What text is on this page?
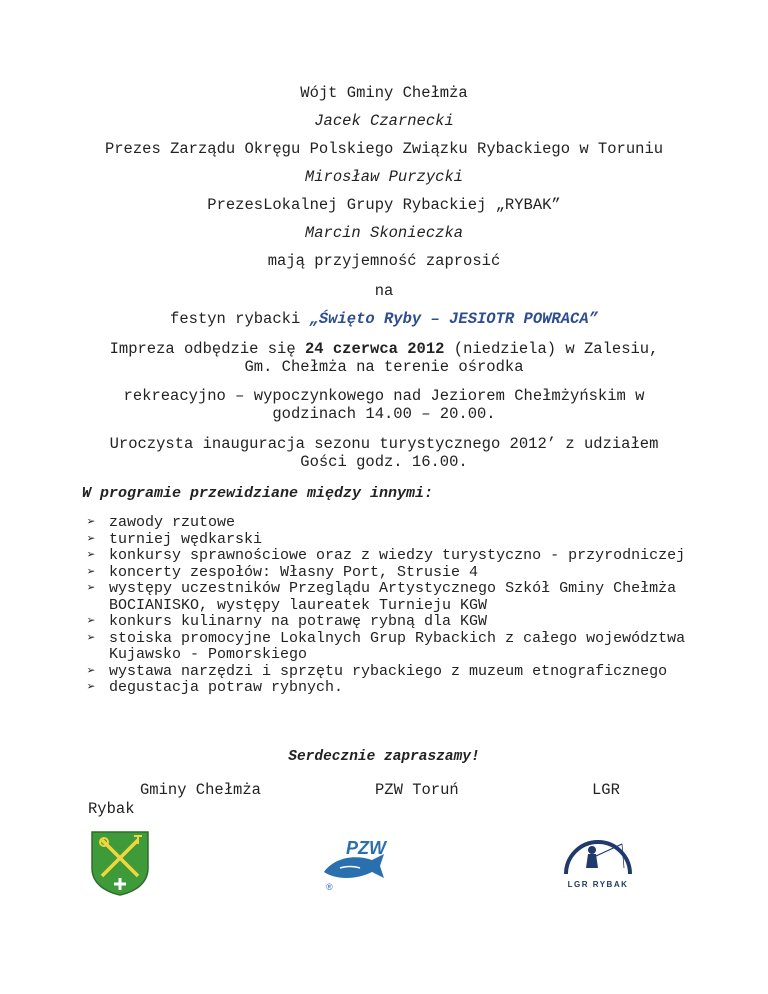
Wójt Gminy Chełmża
Jacek Czarnecki
Prezes Zarządu Okręgu Polskiego Związku Rybackiego w Toruniu
Mirosław Purzycki
PrezesLokalnej Grupy Rybackiej „RYBAK”
Marcin Skonieczka
mają przyjemność zaprosić
na
festyn rybacki „Święto Ryby – JESIOTR POWRACA”
Impreza odbędzie się 24 czerwca 2012 (niedziela) w Zalesiu,
Gm. Chełmża na terenie ośrodka
rekreacyjno – wypoczynkowego nad Jeziorem Chełmżyńskim w
godzinach 14.00 – 20.00.
Uroczysta inauguracja sezonu turystycznego 2012’ z udziałem
Gości godz. 16.00.
W programie przewidziane między innymi:
➢ zawody rzutowe
➢ turniej wędkarski
➢ konkursy sprawnościowe oraz z wiedzy turystyczno - przyrodniczej
➢ koncerty zespołów: Własny Port, Strusie 4
➢ występy uczestników Przeglądu Artystycznego Szkół Gminy Chełmża BOCIANISKO, występy laureatek Turnieju KGW
➢ konkurs kulinarny na potrawę rybną dla KGW
➢ stoiska promocyjne Lokalnych Grup Rybackich z całego województwa Kujawsko - Pomorskiego
➢ wystawa narzędzi i sprzętu rybackiego z muzeum etnograficznego
➢ degustacja potraw rybnych.
Serdecznie zapraszamy!
Gminy Chełmża	PZW Toruń	LGR
Rybak
PZW
®	LGR RYBAK
